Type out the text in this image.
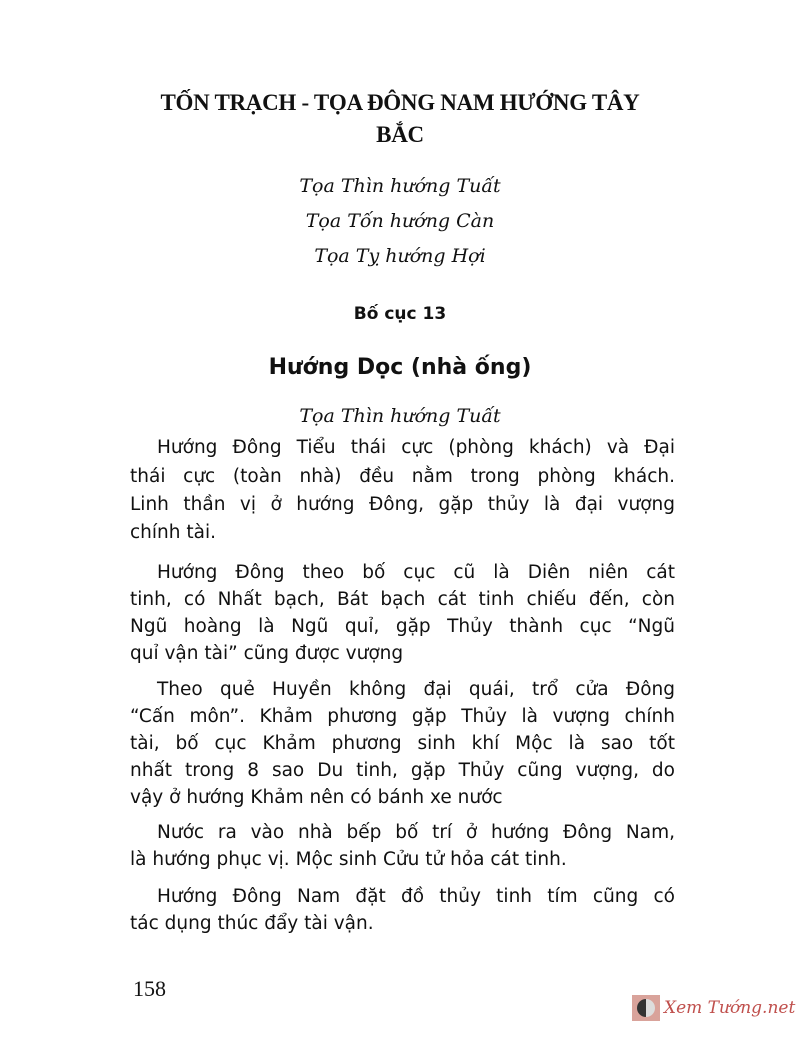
TỐN TRẠCH - TỌA ĐÔNG NAM HƯỚNG TÂY
BẮC
Tọa Thìn hướng Tuất
Tọa Tốn hướng Càn
Tọa Tỵ hướng Hợi
Bố cục 13
Hướng Dọc (nhà ống)
Tọa Thìn hướng Tuất
Hướng Đông Tiểu thái cực (phòng khách) và Đại
thái cực (toàn nhà) đều nằm trong phòng khách.
Linh thần vị ở hướng Đông, gặp thủy là đại vượng
chính tài.
Hướng Đông theo bố cục cũ là Diên niên cát
tinh, có Nhất bạch, Bát bạch cát tinh chiếu đến, còn
Ngũ hoàng là Ngũ quỉ, gặp Thủy thành cục “Ngũ
quỉ vận tài” cũng được vượng
Theo quẻ Huyền không đại quái, trổ cửa Đông
“Cấn môn”. Khảm phương gặp Thủy là vượng chính
tài, bố cục Khảm phương sinh khí Mộc là sao tốt
nhất trong 8 sao Du tinh, gặp Thủy cũng vượng, do
vậy ở hướng Khảm nên có bánh xe nước
Nước ra vào nhà bếp bố trí ở hướng Đông Nam,
là hướng phục vị. Mộc sinh Cửu tử hỏa cát tinh.
Hướng Đông Nam đặt đồ thủy tinh tím cũng có
tác dụng thúc đẩy tài vận.
158
Xem Tướng.net
